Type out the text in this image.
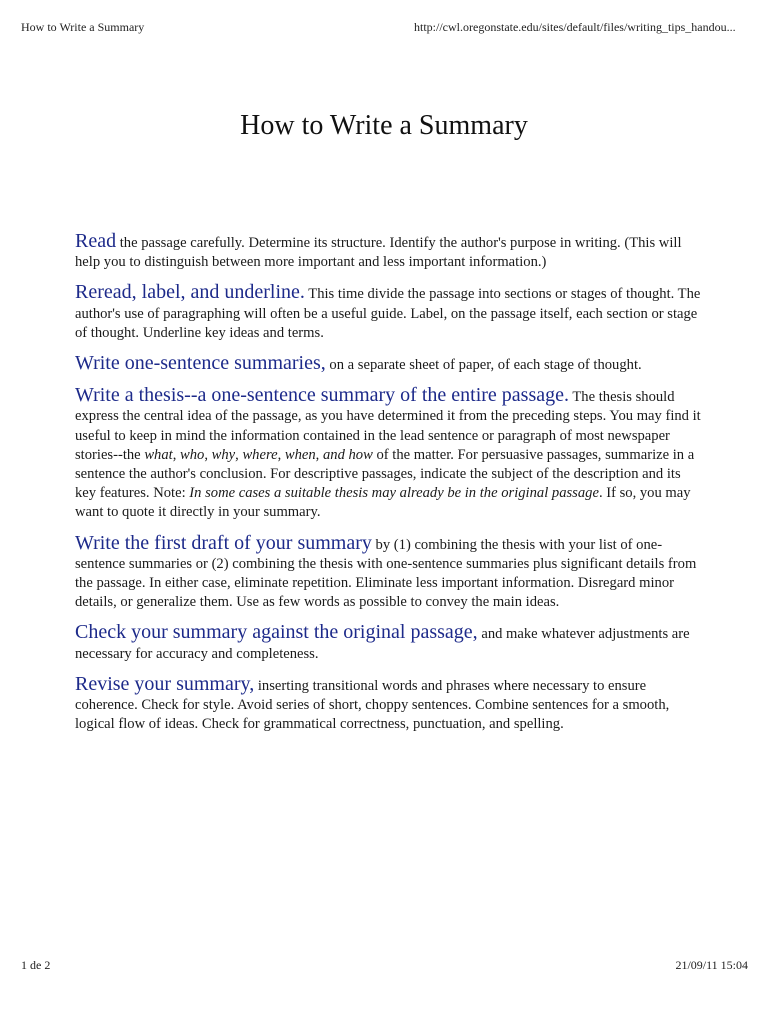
How to Write a Summary	http://cwl.oregonstate.edu/sites/default/files/writing_tips_handou...
How to Write a Summary

Read the passage carefully. Determine its structure. Identify the author's purpose in writing. (This will help you to distinguish between more important and less important information.)

Reread, label, and underline. This time divide the passage into sections or stages of thought. The author's use of paragraphing will often be a useful guide. Label, on the passage itself, each section or stage of thought. Underline key ideas and terms.

Write one-sentence summaries, on a separate sheet of paper, of each stage of thought.

Write a thesis--a one-sentence summary of the entire passage. The thesis should express the central idea of the passage, as you have determined it from the preceding steps. You may find it useful to keep in mind the information contained in the lead sentence or paragraph of most newspaper stories--the what, who, why, where, when, and how of the matter. For persuasive passages, summarize in a sentence the author's conclusion. For descriptive passages, indicate the subject of the description and its key features. Note: In some cases a suitable thesis may already be in the original passage. If so, you may want to quote it directly in your summary.

Write the first draft of your summary by (1) combining the thesis with your list of one-sentence summaries or (2) combining the thesis with one-sentence summaries plus significant details from the passage. In either case, eliminate repetition. Eliminate less important information. Disregard minor details, or generalize them. Use as few words as possible to convey the main ideas.

Check your summary against the original passage, and make whatever adjustments are necessary for accuracy and completeness.

Revise your summary, inserting transitional words and phrases where necessary to ensure coherence. Check for style. Avoid series of short, choppy sentences. Combine sentences for a smooth, logical flow of ideas. Check for grammatical correctness, punctuation, and spelling.

1 de 2	21/09/11 15:04
